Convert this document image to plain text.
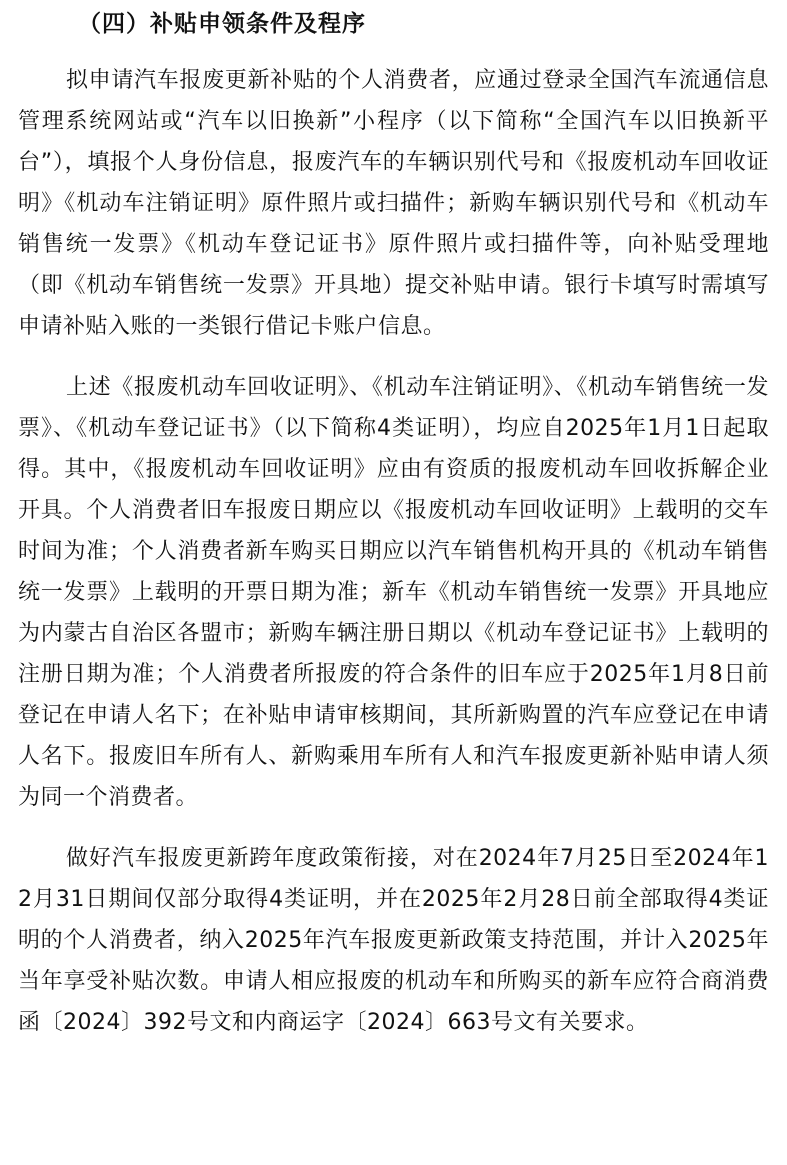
（四）补贴申领条件及程序

拟申请汽车报废更新补贴的个人消费者，应通过登录全国汽车流通信息管理系统网站或“汽车以旧换新”小程序（以下简称“全国汽车以旧换新平台”），填报个人身份信息，报废汽车的车辆识别代号和《报废机动车回收证明》《机动车注销证明》原件照片或扫描件；新购车辆识别代号和《机动车销售统一发票》《机动车登记证书》原件照片或扫描件等，向补贴受理地（即《机动车销售统一发票》开具地）提交补贴申请。银行卡填写时需填写申请补贴入账的一类银行借记卡账户信息。

上述《报废机动车回收证明》、《机动车注销证明》、《机动车销售统一发票》、《机动车登记证书》（以下简称4类证明），均应自2025年1月1日起取得。其中，《报废机动车回收证明》应由有资质的报废机动车回收拆解企业开具。个人消费者旧车报废日期应以《报废机动车回收证明》上载明的交车时间为准；个人消费者新车购买日期应以汽车销售机构开具的《机动车销售统一发票》上载明的开票日期为准；新车《机动车销售统一发票》开具地应为内蒙古自治区各盟市；新购车辆注册日期以《机动车登记证书》上载明的注册日期为准；个人消费者所报废的符合条件的旧车应于2025年1月8日前登记在申请人名下；在补贴申请审核期间，其所新购置的汽车应登记在申请人名下。报废旧车所有人、新购乘用车所有人和汽车报废更新补贴申请人须为同一个消费者。

做好汽车报废更新跨年度政策衔接，对在2024年7月25日至2024年12月31日期间仅部分取得4类证明，并在2025年2月28日前全部取得4类证明的个人消费者，纳入2025年汽车报废更新政策支持范围，并计入2025年当年享受补贴次数。申请人相应报废的机动车和所购买的新车应符合商消费函〔2024〕392号文和内商运字〔2024〕663号文有关要求。
